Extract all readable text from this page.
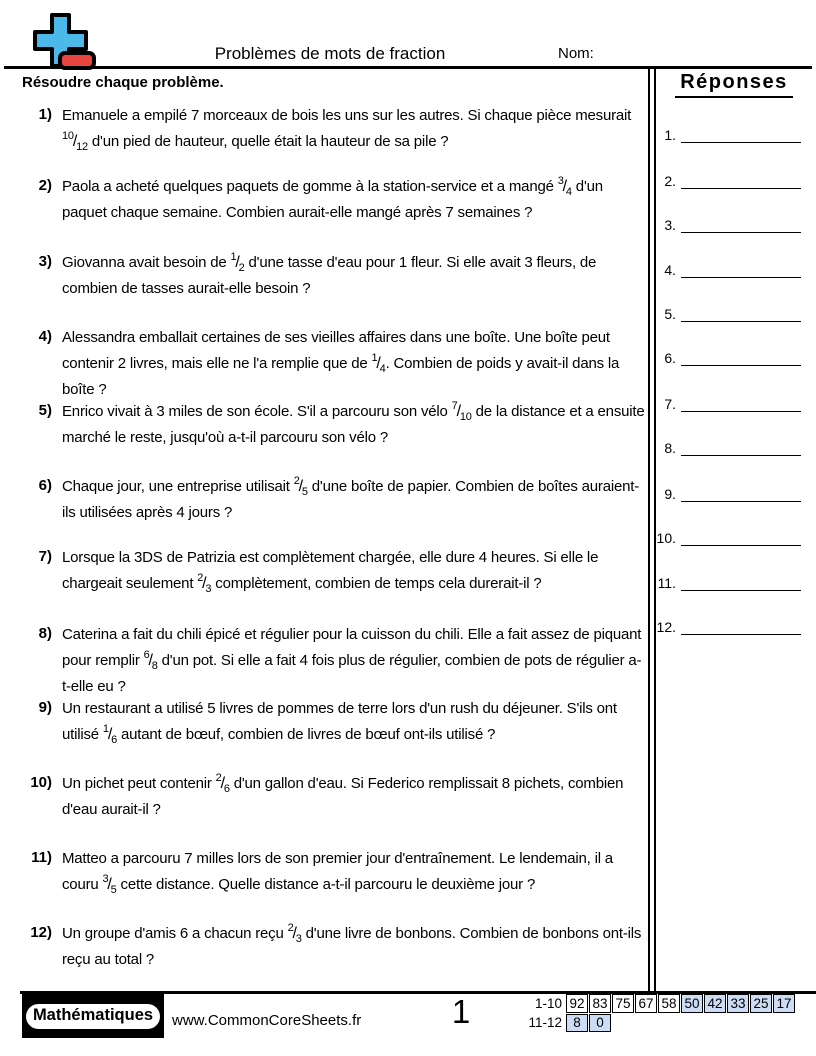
Problèmes de mots de fraction	Nom:
Résoudre chaque problème.
1) Emanuele a empilé 7 morceaux de bois les uns sur les autres. Si chaque pièce mesurait $^{10}/_{12}$ d'un pied de hauteur, quelle était la hauteur de sa pile ?
2) Paola a acheté quelques paquets de gomme à la station-service et a mangé $^3/_4$ d'un paquet chaque semaine. Combien aurait-elle mangé après 7 semaines ?
3) Giovanna avait besoin de $^1/_2$ d'une tasse d'eau pour 1 fleur. Si elle avait 3 fleurs, de combien de tasses aurait-elle besoin ?
4) Alessandra emballait certaines de ses vieilles affaires dans une boîte. Une boîte peut contenir 2 livres, mais elle ne l'a remplie que de $^1/_4$. Combien de poids y avait-il dans la boîte ?
5) Enrico vivait à 3 miles de son école. S'il a parcouru son vélo $^7/_{10}$ de la distance et a ensuite marché le reste, jusqu'où a-t-il parcouru son vélo ?
6) Chaque jour, une entreprise utilisait $^2/_5$ d'une boîte de papier. Combien de boîtes auraient-ils utilisées après 4 jours ?
7) Lorsque la 3DS de Patrizia est complètement chargée, elle dure 4 heures. Si elle le chargeait seulement $^2/_3$ complètement, combien de temps cela durerait-il ?
8) Caterina a fait du chili épicé et régulier pour la cuisson du chili. Elle a fait assez de piquant pour remplir $^6/_8$ d'un pot. Si elle a fait 4 fois plus de régulier, combien de pots de régulier a-t-elle eu ?
9) Un restaurant a utilisé 5 livres de pommes de terre lors d'un rush du déjeuner. S'ils ont utilisé $^1/_6$ autant de bœuf, combien de livres de bœuf ont-ils utilisé ?
10) Un pichet peut contenir $^2/_6$ d'un gallon d'eau. Si Federico remplissait 8 pichets, combien d'eau aurait-il ?
11) Matteo a parcouru 7 milles lors de son premier jour d'entraînement. Le lendemain, il a couru $^3/_5$ cette distance. Quelle distance a-t-il parcouru le deuxième jour ?
12) Un groupe d'amis 6 a chacun reçu $^2/_3$ d'une livre de bonbons. Combien de bonbons ont-ils reçu au total ?
Réponses
1.
2.
3.
4.
5.
6.
7.
8.
9.
10.
11.
12.
Mathématiques	www.CommonCoreSheets.fr	1	1-10 92 83 75 67 58 50 42 33 25 17
11-12 8	0
